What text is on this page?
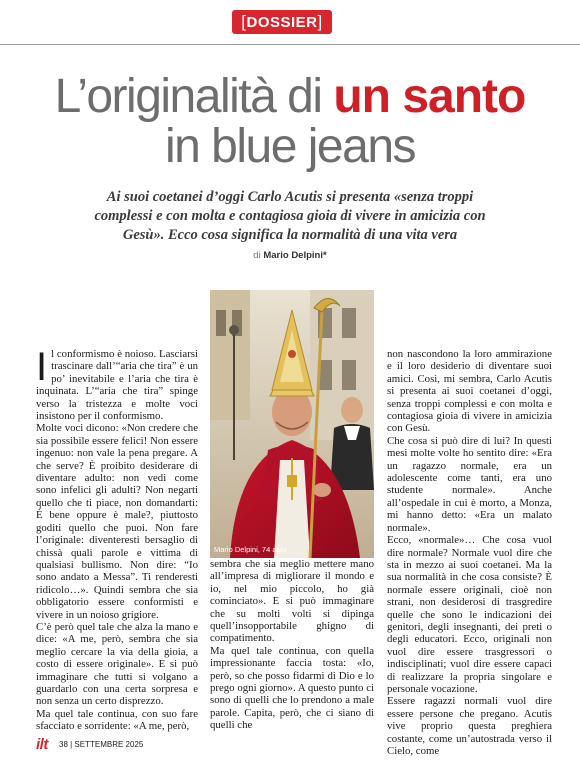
[DOSSIER]
L’originalità di un santo
in blue jeans
Ai suoi coetanei d’oggi Carlo Acutis si presenta «senza troppi complessi e con molta e contagiosa gioia di vivere in amicizia con Gesù». Ecco cosa significa la normalità di una vita vera
di Mario Delpini*
Mario Delpini, 74 anni
I l conformismo è noioso. Lasciarsi trascinare dall’“aria che tira” è un po’ inevitabile e l’aria che tira è inquinata. L’“aria che tira” spinge verso la tristezza e molte voci insistono per il conformismo.

Molte voci dicono: «Non credere che sia possibile essere felici! Non essere ingenuo: non vale la pena pregare. A che serve? È proibito desiderare di diventare adulto: non vedi come sono infelici gli adulti? Non negarti quello che ti piace, non domandarti: È bene oppure è male?, piuttosto goditi quello che puoi. Non fare l’originale: diventeresti bersaglio di chissà quali parole e vittima di qualsiasi bullismo. Non dire: “Io sono andato a Messa”. Ti renderesti ridicolo…». Quindi sembra che sia obbligatorio essere conformisti e vivere in un noioso grigiore.

C’è però quel tale che alza la mano e dice: «A me, però, sembra che sia meglio cercare la via della gioia, a costo di essere originale». E si può immaginare che tutti si volgano a guardarlo con una certa sorpresa e non senza un certo disprezzo.

Ma quel tale continua, con suo fare sfacciato e sorridente: «A me, però,

sembra che sia meglio mettere mano all’impresa di migliorare il mondo e io, nel mio piccolo, ho già cominciato». E si può immaginare che su molti volti si dipinga quell’insopportabile ghigno di compatimento.

Ma quel tale continua, con quella impressionante faccia tosta: «Io, però, so che posso fidarmi di Dio e lo prego ogni giorno». A questo punto ci sono di quelli che lo prendono a male parole. Capita, però, che ci siano di quelli che

non nascondono la loro ammirazione e il loro desiderio di diventare suoi amici. Così, mi sembra, Carlo Acutis si presenta ai suoi coetanei d’oggi, senza troppi complessi e con molta e contagiosa gioia di vivere in amicizia con Gesù.

Che cosa si può dire di lui? In questi mesi molte volte ho sentito dire: «Era un ragazzo normale, era un adolescente come tanti, era uno studente normale». Anche all’ospedale in cui è morto, a Monza, mi hanno detto: «Era un malato normale».

Ecco, «normale»… Che cosa vuol dire normale? Normale vuol dire che sta in mezzo ai suoi coetanei. Ma la sua normalità in che cosa consiste? È normale essere originali, cioè non strani, non desiderosi di trasgredire quelle che sono le indicazioni dei genitori, degli insegnanti, dei preti o degli educatori. Ecco, originali non vuol dire essere trasgressori o indisciplinati; vuol dire essere capaci di realizzare la propria singolare e personale vocazione.

Essere ragazzi normali vuol dire essere persone che pregano. Acutis vive proprio questa preghiera costante, come un’autostrada verso il Cielo, come

ilt 38 | SETTEMBRE 2025
